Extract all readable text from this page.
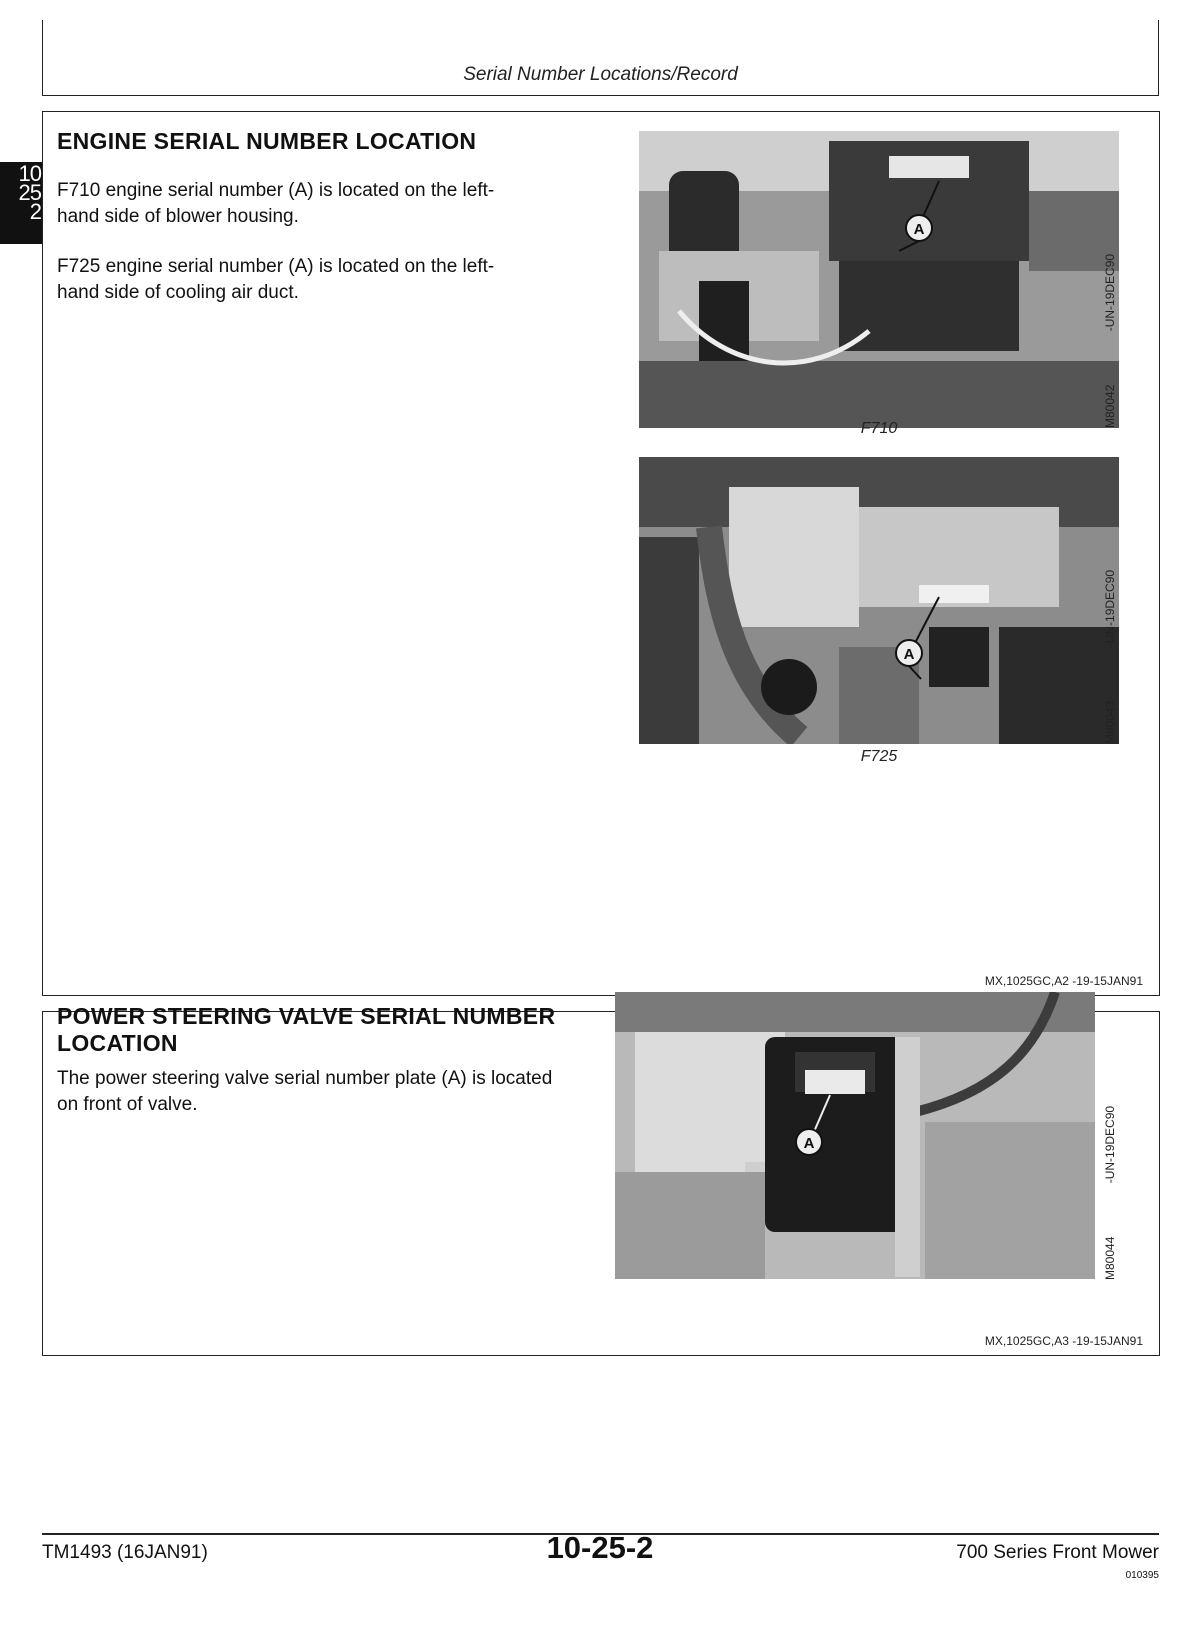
Serial Number Locations/Record
10
25
2
ENGINE SERIAL NUMBER LOCATION
F710 engine serial number (A) is located on the left-hand side of blower housing.
F725 engine serial number (A) is located on the left-hand side of cooling air duct.
A
M80042                -UN-19DEC90
F710
A
M80043                -UN-19DEC90
F725
MX,1025GC,A2 -19-15JAN91
POWER STEERING VALVE SERIAL NUMBER
LOCATION
The power steering valve serial number plate (A) is located on front of valve.
A
M80044                -UN-19DEC90
MX,1025GC,A3 -19-15JAN91
TM1493 (16JAN91)	10-25-2	700 Series Front Mower
010395
